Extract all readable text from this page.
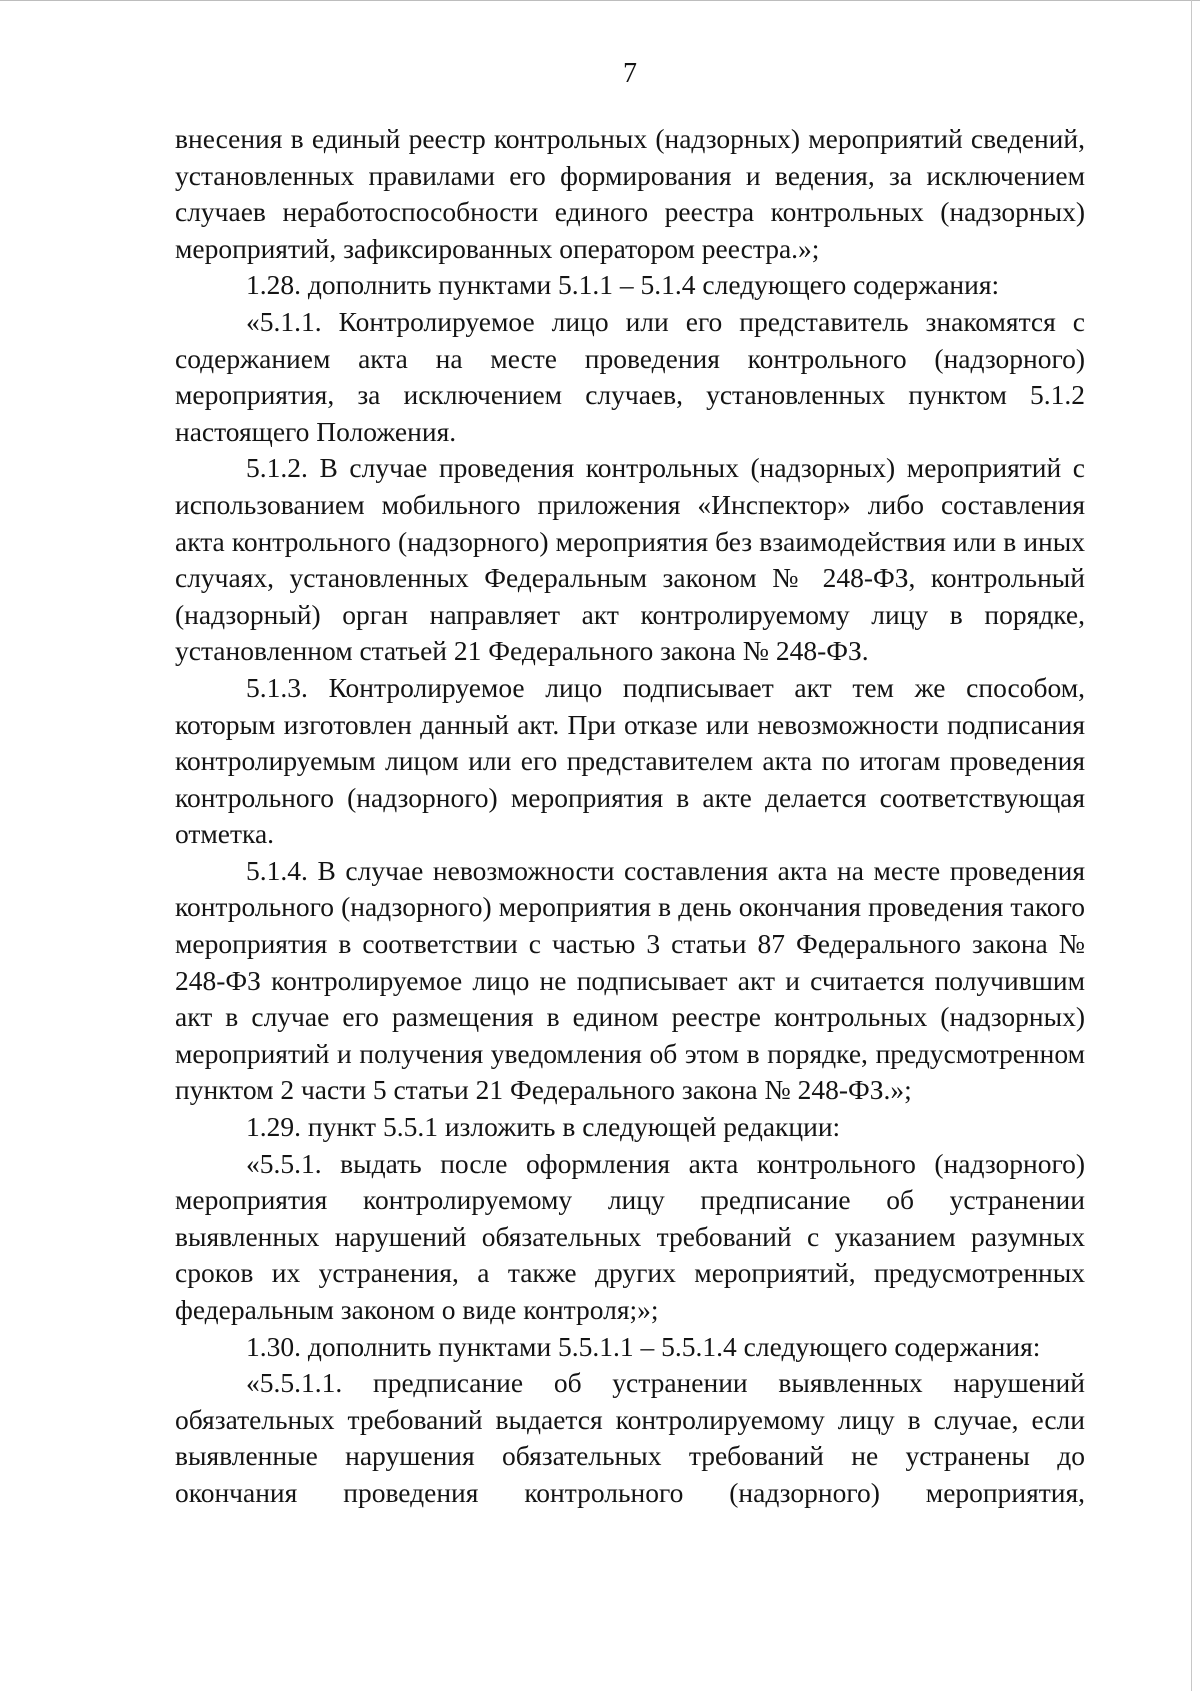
7

внесения в единый реестр контрольных (надзорных) мероприятий сведений, установленных правилами его формирования и ведения, за исключением случаев неработоспособности единого реестра контрольных (надзорных) мероприятий, зафиксированных оператором реестра.»;

1.28. дополнить пунктами 5.1.1 – 5.1.4 следующего содержания:

«5.1.1. Контролируемое лицо или его представитель знакомятся с содержанием акта на месте проведения контрольного (надзорного) мероприятия, за исключением случаев, установленных пунктом 5.1.2 настоящего Положения.

5.1.2. В случае проведения контрольных (надзорных) мероприятий с использованием мобильного приложения «Инспектор» либо составления акта контрольного (надзорного) мероприятия без взаимодействия или в иных случаях, установленных Федеральным законом № 248-ФЗ, контрольный (надзорный) орган направляет акт контролируемому лицу в порядке, установленном статьей 21 Федерального закона № 248-ФЗ.

5.1.3. Контролируемое лицо подписывает акт тем же способом, которым изготовлен данный акт. При отказе или невозможности подписания контролируемым лицом или его представителем акта по итогам проведения контрольного (надзорного) мероприятия в акте делается соответствующая отметка.

5.1.4. В случае невозможности составления акта на месте проведения контрольного (надзорного) мероприятия в день окончания проведения такого мероприятия в соответствии с частью 3 статьи 87 Федерального закона № 248-ФЗ контролируемое лицо не подписывает акт и считается получившим акт в случае его размещения в едином реестре контрольных (надзорных) мероприятий и получения уведомления об этом в порядке, предусмотренном пунктом 2 части 5 статьи 21 Федерального закона № 248-ФЗ.»;

1.29. пункт 5.5.1 изложить в следующей редакции:

«5.5.1. выдать после оформления акта контрольного (надзорного) мероприятия контролируемому лицу предписание об устранении выявленных нарушений обязательных требований с указанием разумных сроков их устранения, а также других мероприятий, предусмотренных федеральным законом о виде контроля;»;

1.30. дополнить пунктами 5.5.1.1 – 5.5.1.4 следующего содержания:

«5.5.1.1. предписание об устранении выявленных нарушений обязательных требований выдается контролируемому лицу в случае, если выявленные нарушения обязательных требований не устранены до окончания проведения контрольного (надзорного) мероприятия,
